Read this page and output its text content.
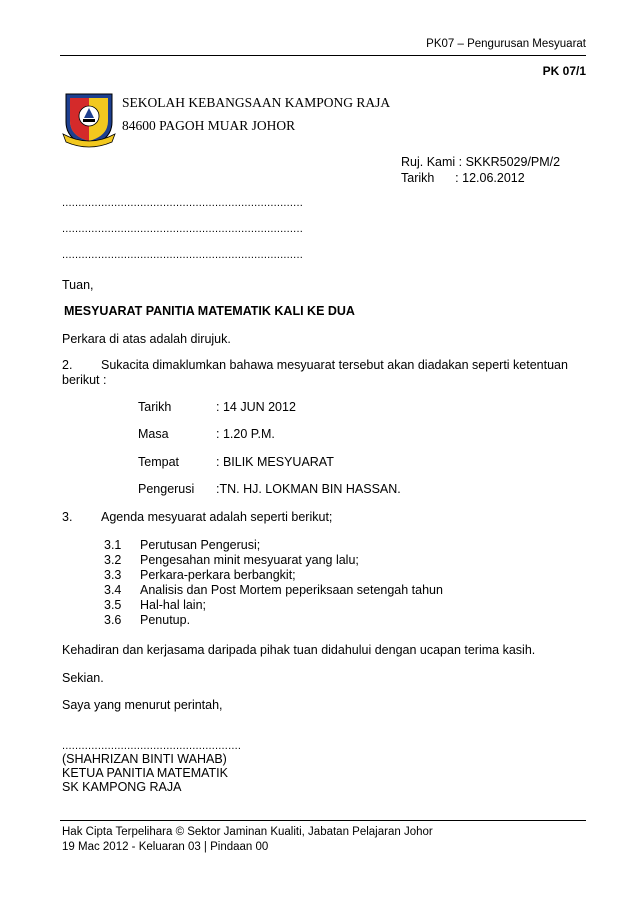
PK07 – Pengurusan Mesyuarat
PK 07/1
SEKOLAH KEBANGSAAN KAMPONG RAJA
84600 PAGOH MUAR JOHOR
Ruj. Kami : SKKR5029/PM/2
Tarikh      : 12.06.2012
..........................................................................
..........................................................................
..........................................................................
Tuan,
MESYUARAT PANITIA MATEMATIK KALI KE DUA
Perkara di atas adalah dirujuk.
2. Sukacita dimaklumkan bahawa mesyuarat tersebut akan diadakan seperti ketentuan
berikut :
Tarikh	: 14 JUN 2012
Masa	: 1.20 P.M.
Tempat	: BILIK MESYUARAT
Pengerusi :TN. HJ. LOKMAN BIN HASSAN.
3. Agenda mesyuarat adalah seperti berikut;
3.1 Perutusan Pengerusi;
3.2 Pengesahan minit mesyuarat yang lalu;
3.3 Perkara-perkara berbangkit;
3.4 Analisis dan Post Mortem peperiksaan setengah tahun
3.5 Hal-hal lain;
3.6 Penutup.
Kehadiran dan kerjasama daripada pihak tuan didahului dengan ucapan terima kasih.
Sekian.
Saya yang menurut perintah,
.......................................................
(SHAHRIZAN BINTI WAHAB)
KETUA PANITIA MATEMATIK
SK KAMPONG RAJA
Hak Cipta Terpelihara © Sektor Jaminan Kualiti, Jabatan Pelajaran Johor
19 Mac 2012 - Keluaran 03 | Pindaan 00
